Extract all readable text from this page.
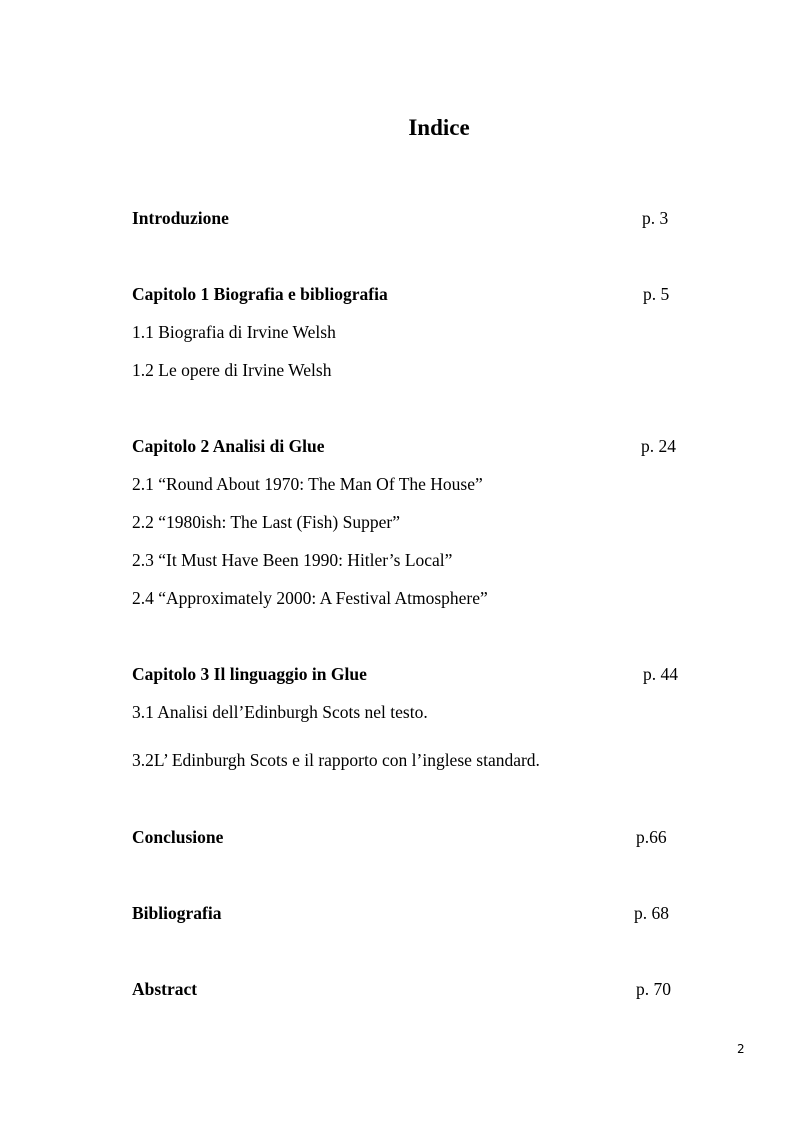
Indice
Introduzione	p. 3
Capitolo 1 Biografia e bibliografia	p. 5
1.1 Biografia di Irvine Welsh
1.2 Le opere di Irvine Welsh
Capitolo 2 Analisi di Glue	p. 24
2.1 “Round About 1970: The Man Of The House”
2.2 “1980ish: The Last (Fish) Supper”
2.3 “It Must Have Been 1990: Hitler’s Local”
2.4 “Approximately 2000: A Festival Atmosphere”
Capitolo 3 Il linguaggio in Glue	p. 44
3.1 Analisi dell’Edinburgh Scots nel testo.
3.2L’ Edinburgh Scots e il rapporto con l’inglese standard.
Conclusione	p.66
Bibliografia	p. 68
Abstract	p. 70
2
